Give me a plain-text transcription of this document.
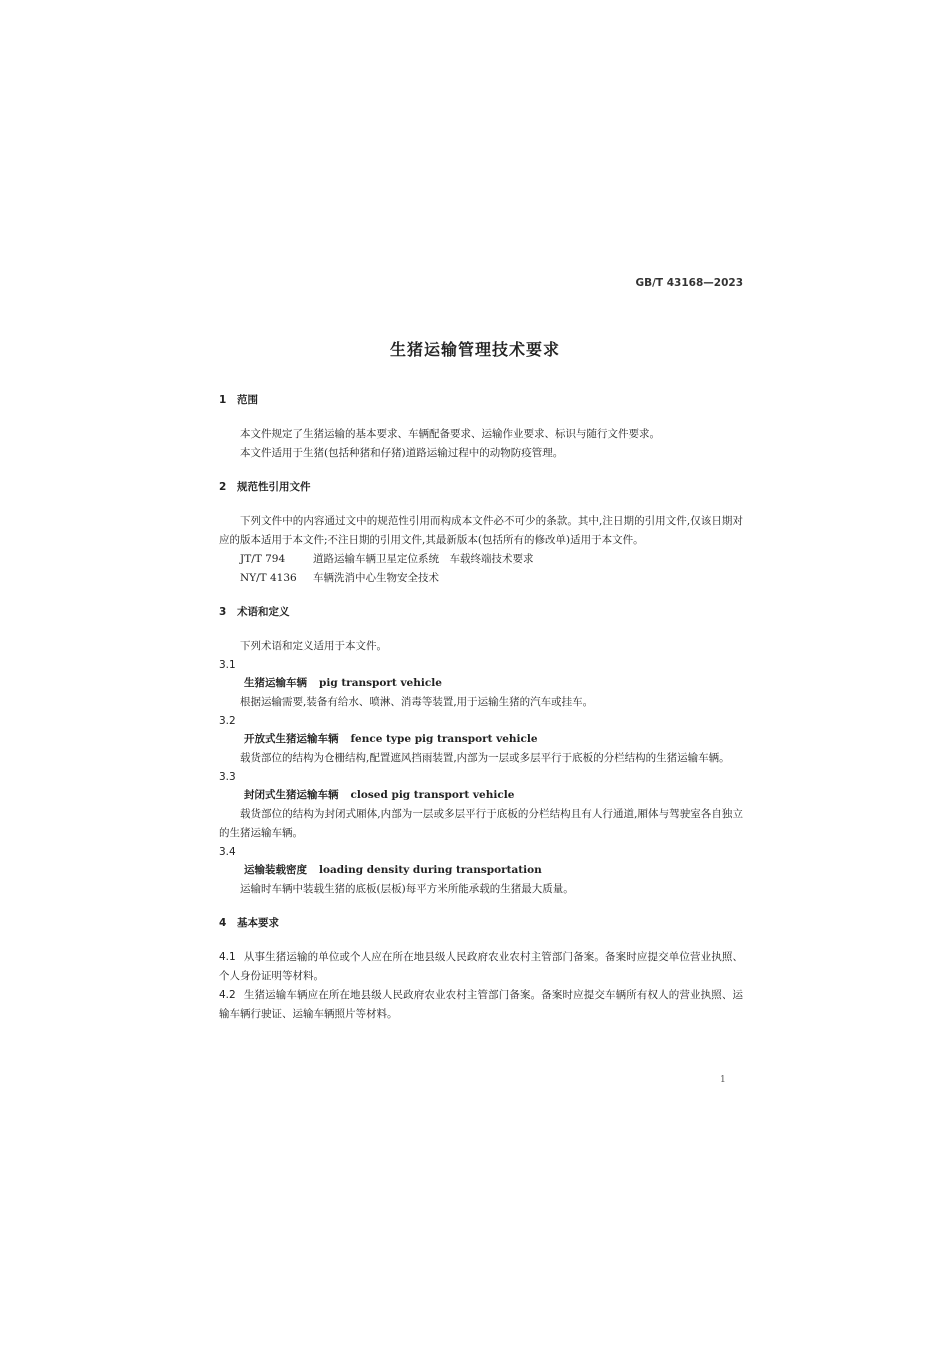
GB/T 43168—2023
生猪运输管理技术要求
1 范围

本文件规定了生猪运输的基本要求、车辆配备要求、运输作业要求、标识与随行文件要求。

本文件适用于生猪(包括种猪和仔猪)道路运输过程中的动物防疫管理。

2 规范性引用文件

下列文件中的内容通过文中的规范性引用而构成本文件必不可少的条款。其中,注日期的引用文件,仅该日期对应的版本适用于本文件;不注日期的引用文件,其最新版本(包括所有的修改单)适用于本文件。

JT/T 794	道路运输车辆卫星定位系统　车载终端技术要求
NY/T 4136 车辆洗消中心生物安全技术
3 术语和定义

下列术语和定义适用于本文件。

3.1
生猪运输车辆 pig transport vehicle

根据运输需要,装备有给水、喷淋、消毒等装置,用于运输生猪的汽车或挂车。

3.2
开放式生猪运输车辆 fence type pig transport vehicle

载货部位的结构为仓栅结构,配置遮风挡雨装置,内部为一层或多层平行于底板的分栏结构的生猪运输车辆。

3.3
封闭式生猪运输车辆 closed pig transport vehicle

载货部位的结构为封闭式厢体,内部为一层或多层平行于底板的分栏结构且有人行通道,厢体与驾驶室各自独立的生猪运输车辆。

3.4
运输装载密度 loading density during transportation

运输时车辆中装载生猪的底板(层板)每平方米所能承载的生猪最大质量。

4 基本要求

4.1 从事生猪运输的单位或个人应在所在地县级人民政府农业农村主管部门备案。备案时应提交单位营业执照、个人身份证明等材料。

4.2 生猪运输车辆应在所在地县级人民政府农业农村主管部门备案。备案时应提交车辆所有权人的营业执照、运输车辆行驶证、运输车辆照片等材料。

1
